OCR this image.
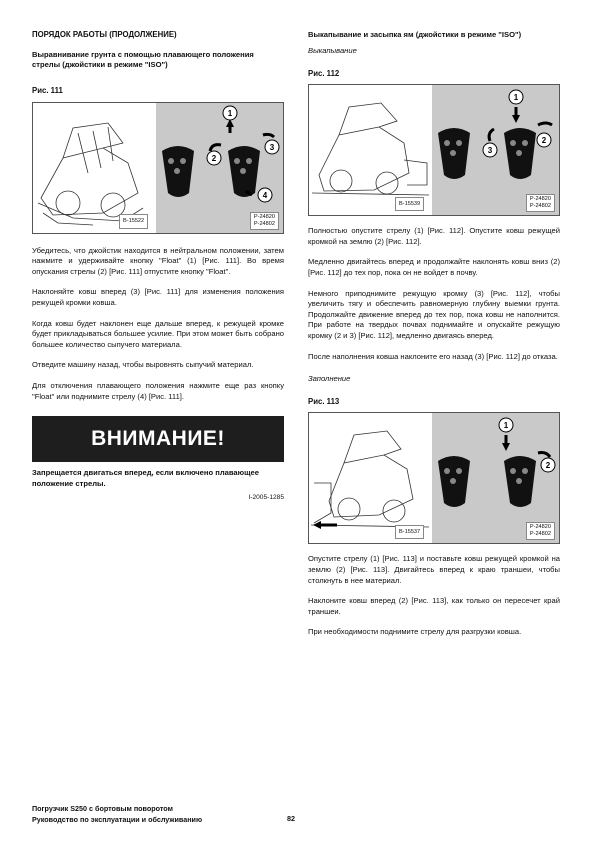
ПОРЯДОК РАБОТЫ (ПРОДОЛЖЕНИЕ)

Выравнивание грунта с помощью плавающего положения стрелы (джойстики в режиме "ISO")

Рис. 111

1
2
3
4
B-15522
P-24820
P-24802

Убедитесь, что джойстик находится в нейтральном положении, затем нажмите и удерживайте кнопку "Float" (1) [Рис. 111]. Во время опускания стрелы (2) [Рис. 111] отпустите кнопку "Float".

Наклоняйте ковш вперед (3) [Рис. 111] для изменения положения режущей кромки ковша.

Когда ковш будет наклонен еще дальше вперед, к режущей кромке будет прикладываться большее усилие. При этом может быть собрано большее количество сыпучего материала.

Отведите машину назад, чтобы выровнять сыпучий материал.

Для отключения плавающего положения нажмите еще раз кнопку "Float" или поднимите стрелу (4) [Рис. 111].

ВНИМАНИЕ!

Запрещается двигаться вперед, если включено плавающее положение стрелы.

I-2005-1285

Выкапывание и засыпка ям (джойстики в режиме "ISO")

Выкапывание

Рис. 112

1
3
2
B-15539
P-24820
P-24802

Полностью опустите стрелу (1) [Рис. 112]. Опустите ковш режущей кромкой на землю (2) [Рис. 112].

Медленно двигайтесь вперед и продолжайте наклонять ковш вниз (2) [Рис. 112] до тех пор, пока он не войдет в почву.

Немного приподнимите режущую кромку (3) [Рис. 112], чтобы увеличить тягу и обеспечить равномерную глубину выемки грунта. Продолжайте движение вперед до тех пор, пока ковш не наполнится. При работе на твердых почвах поднимайте и опускайте режущую кромку (2 и 3) [Рис. 112], медленно двигаясь вперед.

После наполнения ковша наклоните его назад (3) [Рис. 112] до отказа.

Заполнение

Рис. 113

1
2
B-15537
P-24820
P-24802

Опустите стрелу (1) [Рис. 113] и поставьте ковш режущей кромкой на землю (2) [Рис. 113]. Двигайтесь вперед к краю траншеи, чтобы столкнуть в нее материал.

Наклоните ковш вперед (2) [Рис. 113], как только он пересечет край траншеи.

При необходимости поднимите стрелу для разгрузки ковша.

Погрузчик S250 с бортовым поворотом
Руководство по эксплуатации и обслуживанию	82
